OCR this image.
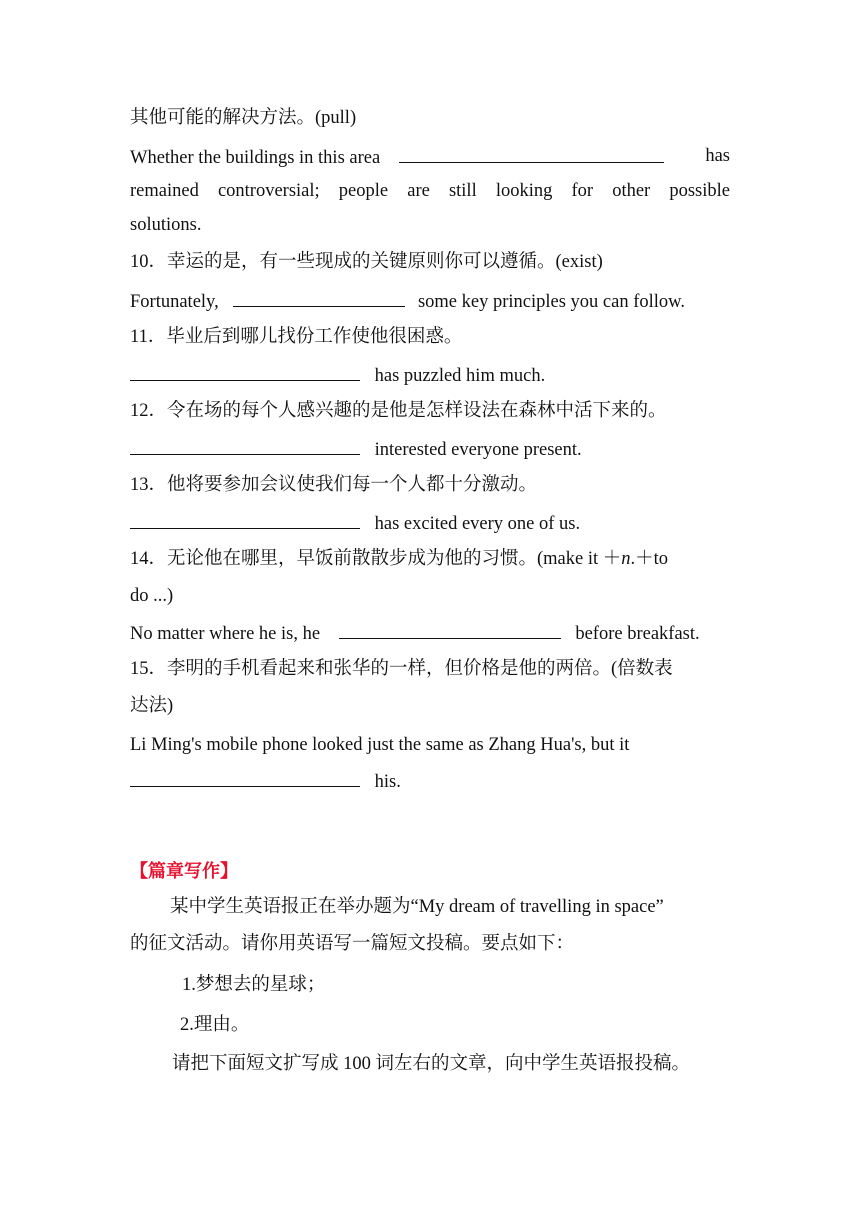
其他可能的解决方法。(pull)
Whether the buildings in this area	has
remained controversial; people are still looking for other possible
solutions.
10．幸运的是，有一些现成的关键原则你可以遵循。(exist)
Fortunately,	some key principles you can follow.
11．毕业后到哪儿找份工作使他很困惑。
has puzzled him much.
12．令在场的每个人感兴趣的是他是怎样设法在森林中活下来的。
interested everyone present.
13．他将要参加会议使我们每一个人都十分激动。
has excited every one of us.
14．无论他在哪里，早饭前散散步成为他的习惯。(make it ＋n.＋to
do ...)
No matter where he is, he	before breakfast.
15．李明的手机看起来和张华的一样，但价格是他的两倍。(倍数表
达法)
Li Ming's mobile phone looked just the same as Zhang Hua's, but it
his.
【篇章写作】
某中学生英语报正在举办题为“My dream of travelling in space”
的征文活动。请你用英语写一篇短文投稿。要点如下：
1.梦想去的星球；
2.理由。
请把下面短文扩写成 100 词左右的文章，向中学生英语报投稿。
